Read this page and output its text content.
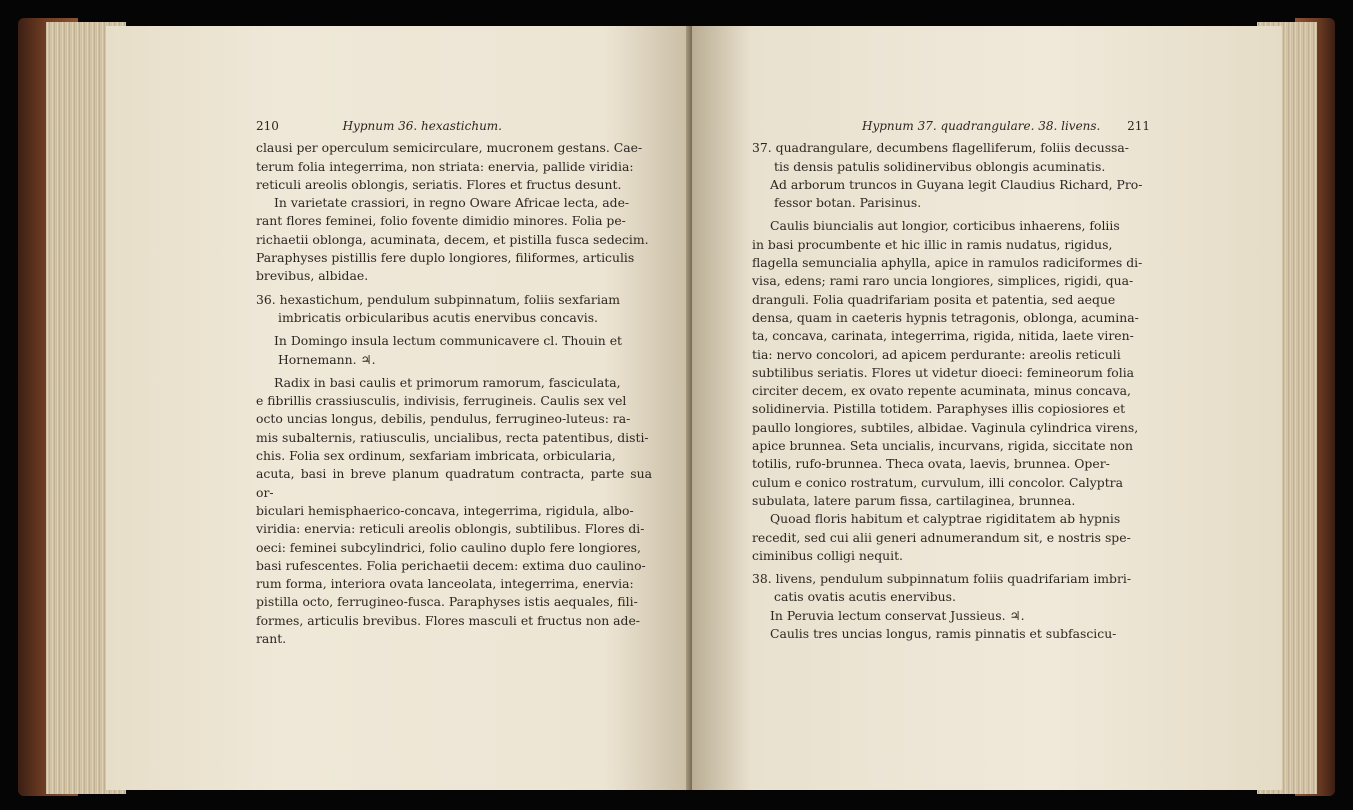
210	Hypnum 36. hexastichum.

clausi per operculum semicirculare, mucronem gestans. Cae-

terum folia integerrima, non striata: enervia, pallide viridia:

reticuli areolis oblongis, seriatis. Flores et fructus desunt.

In varietate crassiori, in regno Oware Africae lecta, ade-

rant flores feminei, folio fovente dimidio minores. Folia pe-

richaetii oblonga, acuminata, decem, et pistilla fusca sedecim.

Paraphyses pistillis fere duplo longiores, filiformes, articulis

brevibus, albidae.

36. hexastichum, pendulum subpinnatum, foliis sexfariam

imbricatis orbicularibus acutis enervibus concavis.

In Domingo insula lectum communicavere cl. Thouin et

Hornemann. ♃.

Radix in basi caulis et primorum ramorum, fasciculata,

e fibrillis crassiusculis, indivisis, ferrugineis. Caulis sex vel

octo uncias longus, debilis, pendulus, ferrugineo-luteus: ra-

mis subalternis, ratiusculis, uncialibus, recta patentibus, disti-

chis. Folia sex ordinum, sexfariam imbricata, orbicularia,

acuta, basi in breve planum quadratum contracta, parte sua or-

biculari hemisphaerico-concava, integerrima, rigidula, albo-

viridia: enervia: reticuli areolis oblongis, subtilibus. Flores di-

oeci: feminei subcylindrici, folio caulino duplo fere longiores,

basi rufescentes. Folia perichaetii decem: extima duo caulino-

rum forma, interiora ovata lanceolata, integerrima, enervia:

pistilla octo, ferrugineo-fusca. Paraphyses istis aequales, fili-

formes, articulis brevibus. Flores masculi et fructus non ade-

rant.

Hypnum 37. quadrangulare. 38. livens. 211

37. quadrangulare, decumbens flagelliferum, foliis decussa-

tis densis patulis solidinervibus oblongis acuminatis.

Ad arborum truncos in Guyana legit Claudius Richard, Pro-

fessor botan. Parisinus.

Caulis biuncialis aut longior, corticibus inhaerens, foliis

in basi procumbente et hic illic in ramis nudatus, rigidus,

flagella semuncialia aphylla, apice in ramulos radiciformes di-

visa, edens; rami raro uncia longiores, simplices, rigidi, qua-

dranguli. Folia quadrifariam posita et patentia, sed aeque

densa, quam in caeteris hypnis tetragonis, oblonga, acumina-

ta, concava, carinata, integerrima, rigida, nitida, laete viren-

tia: nervo concolori, ad apicem perdurante: areolis reticuli

subtilibus seriatis. Flores ut videtur dioeci: femineorum folia

circiter decem, ex ovato repente acuminata, minus concava,

solidinervia. Pistilla totidem. Paraphyses illis copiosiores et

paullo longiores, subtiles, albidae. Vaginula cylindrica virens,

apice brunnea. Seta uncialis, incurvans, rigida, siccitate non

totilis, rufo-brunnea. Theca ovata, laevis, brunnea. Oper-

culum e conico rostratum, curvulum, illi concolor. Calyptra

subulata, latere parum fissa, cartilaginea, brunnea.

Quoad floris habitum et calyptrae rigiditatem ab hypnis

recedit, sed cui alii generi adnumerandum sit, e nostris spe-

ciminibus colligi nequit.

38. livens, pendulum subpinnatum foliis quadrifariam imbri-

catis ovatis acutis enervibus.

In Peruvia lectum conservat Jussieus. ♃.

Caulis tres uncias longus, ramis pinnatis et subfascicu-
